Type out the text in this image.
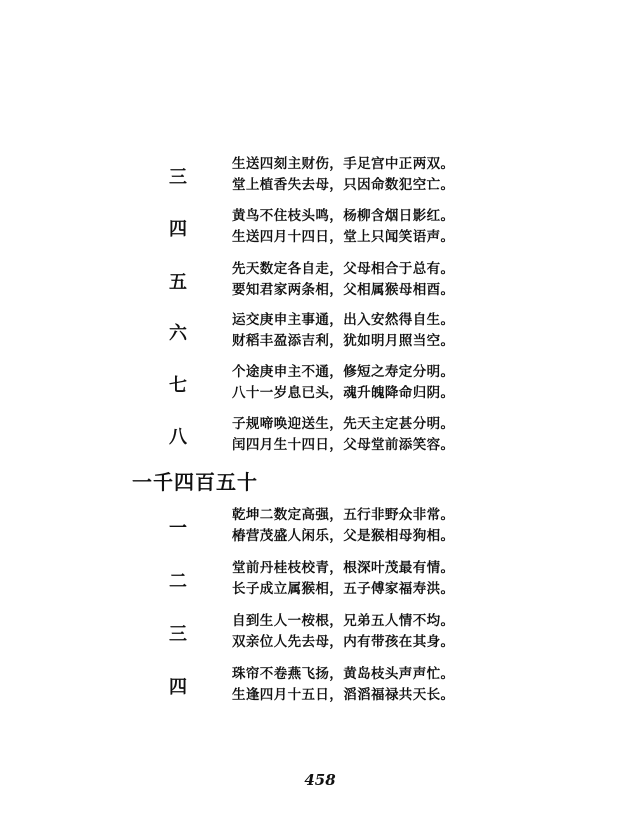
三
生送四刻主财伤，手足宫中正两双。
堂上植香失去母，只因命数犯空亡。
四
黄鸟不住枝头鸣，杨柳含烟日影红。
生送四月十四日，堂上只闻笑语声。
五
先天数定各自走，父母相合于总有。
要知君家两条相，父相属猴母相酉。
六
运交庚申主事通，出入安然得自生。
财稻丰盈添吉利，犹如明月照当空。
七
个途庚申主不通，修短之寿定分明。
八十一岁息已头，魂升魄降命归阴。
八
子规啼唤迎送生，先天主定甚分明。
闰四月生十四日，父母堂前添笑容。
一千四百五十
一
乾坤二数定高强，五行非野众非常。
椿营茂盛人闲乐，父是猴相母狗相。
二
堂前丹桂枝校青，根深叶茂最有情。
长子成立属猴相，五子傅家福寿洪。
三
自到生人一桉根，兄弟五人情不均。
双亲位人先去母，内有带孩在其身。
四
珠帘不卷燕飞扬，黄岛枝头声声忙。
生逢四月十五日，滔滔福禄共天长。
458
